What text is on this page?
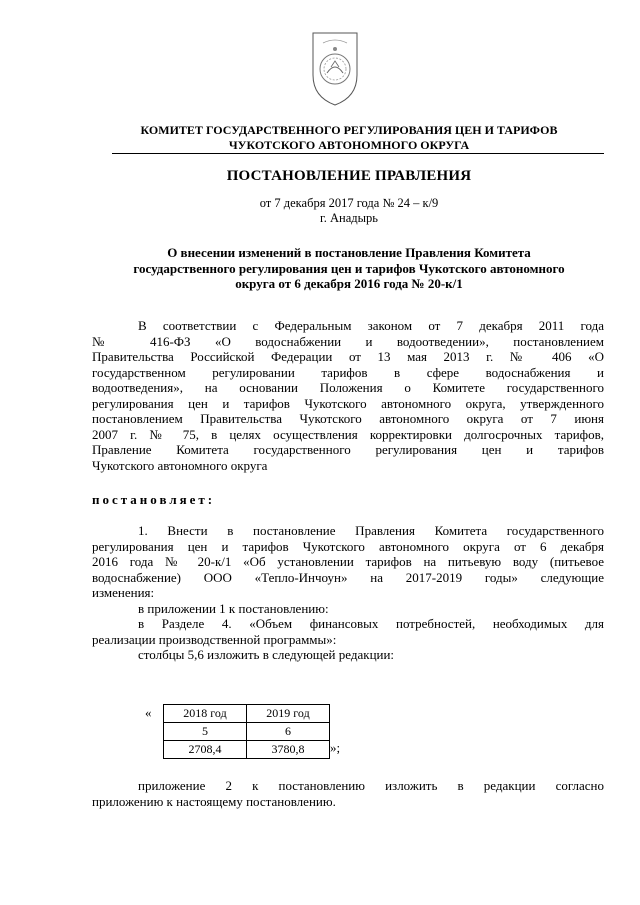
КОМИТЕТ ГОСУДАРСТВЕННОГО РЕГУЛИРОВАНИЯ ЦЕН И ТАРИФОВ
ЧУКОТСКОГО АВТОНОМНОГО ОКРУГА
ПОСТАНОВЛЕНИЕ ПРАВЛЕНИЯ
от 7 декабря 2017 года № 24 – к/9
г. Анадырь
О внесении изменений в постановление Правления Комитета
государственного регулирования цен и тарифов Чукотского автономного
округа от 6 декабря 2016 года № 20-к/1

В соответствии с Федеральным законом от 7 декабря 2011 года

№ 416-ФЗ «О водоснабжении и водоотведении», постановлением

Правительства Российской Федерации от 13 мая 2013 г. № 406 «О

государственном регулировании тарифов в сфере водоснабжения и

водоотведения», на основании Положения о Комитете государственного

регулирования цен и тарифов Чукотского автономного округа, утвержденного

постановлением Правительства Чукотского автономного округа от 7 июня

2007 г. № 75, в целях осуществления корректировки долгосрочных тарифов,

Правление Комитета государственного регулирования цен и тарифов

Чукотского автономного округа

постановляет:

1. Внести в постановление Правления Комитета государственного

регулирования цен и тарифов Чукотского автономного округа от 6 декабря

2016 года № 20-к/1 «Об установлении тарифов на питьевую воду (питьевое

водоснабжение) ООО «Тепло-Инчоун» на 2017-2019 годы» следующие

изменения:

в приложении 1 к постановлению:

в Разделе 4. «Объем финансовых потребностей, необходимых для

реализации производственной программы»:

столбцы 5,6 изложить в следующей редакции:

«	2018 год	2019 год
5	6
2708,4	3780,8 »;

приложение 2 к постановлению изложить в редакции согласно

приложению к настоящему постановлению.
